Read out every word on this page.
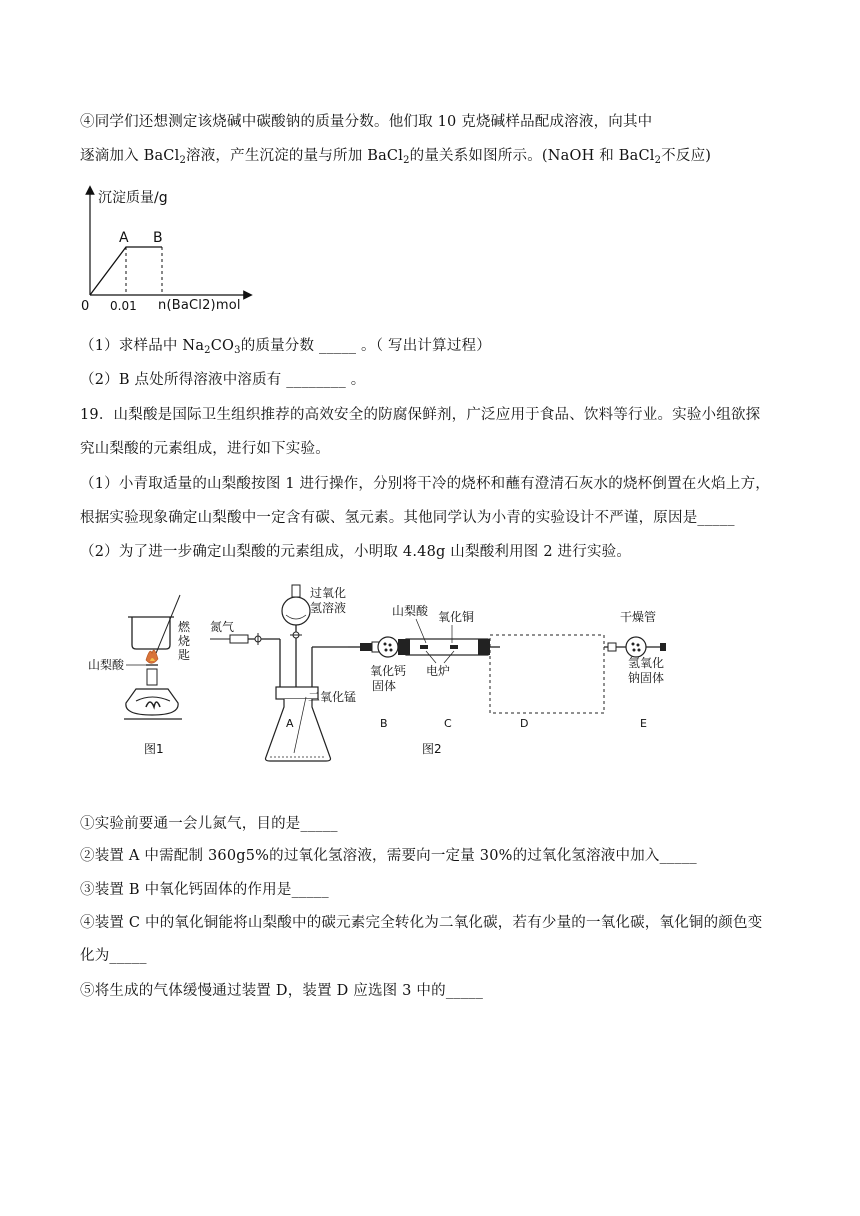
④同学们还想测定该烧碱中碳酸钠的质量分数。他们取 10 克烧碱样品配成溶液，向其中
逐滴加入 BaCl$_2$溶液，产生沉淀的量与所加 BaCl$_2$的量关系如图所示。(NaOH 和 BaCl$_2$不反应)
沉淀质量/g
0 0.01
A B
n(BaCl2)mol
（1）求样品中 $Na_2CO_3$的质量分数 _____ 。（ 写出计算过程）
（2）B 点处所得溶液中溶质有 ________ 。
19．山梨酸是国际卫生组织推荐的高效安全的防腐保鲜剂，广泛应用于食品、饮料等行业。实验小组欲探
究山梨酸的元素组成，进行如下实验。
（1）小青取适量的山梨酸按图 1 进行操作，分别将干冷的烧杯和蘸有澄清石灰水的烧杯倒置在火焰上方，
根据实验现象确定山梨酸中一定含有碳、氢元素。其他同学认为小青的实验设计不严谨，原因是_____
（2）为了进一步确定山梨酸的元素组成，小明取 4.48g 山梨酸利用图 2 进行实验。
燃
烧
匙
山梨酸
图1
氮气
过氧化
氢溶液
二氧化锰
A
氧化钙
固体
B
山梨酸 氧化铜
电炉
C	D
干燥管
氢氧化
钠固体
E
图2
①实验前要通一会儿氮气，目的是_____
②装置 A 中需配制 360g5%的过氧化氢溶液，需要向一定量 30%的过氧化氢溶液中加入_____
③装置 B 中氧化钙固体的作用是_____
④装置 C 中的氧化铜能将山梨酸中的碳元素完全转化为二氧化碳，若有少量的一氧化碳，氧化铜的颜色变
化为_____
⑤将生成的气体缓慢通过装置 D，装置 D 应选图 3 中的_____
